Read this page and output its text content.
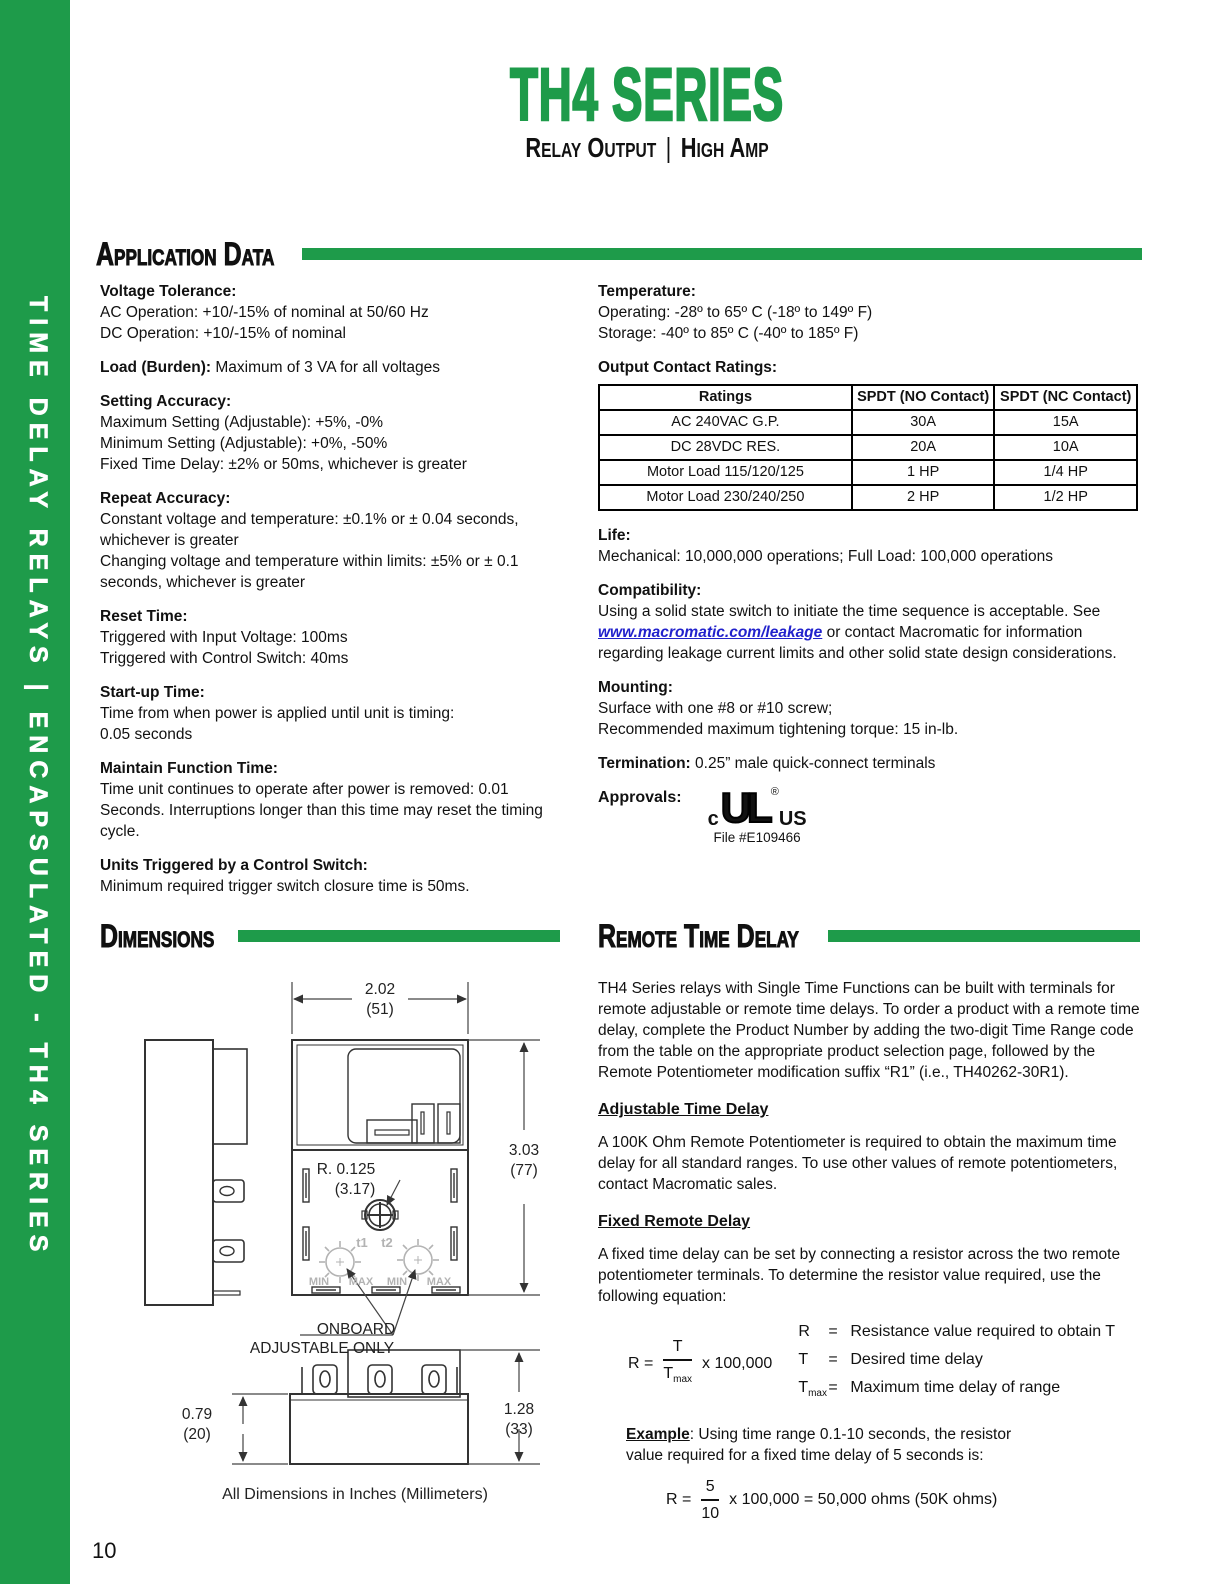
TIME DELAY RELAYS | ENCAPSULATED - TH4 SERIES
TH4 SERIES
Relay Output | High Amp
Application Data

Voltage Tolerance:

AC Operation: +10/-15% of nominal at 50/60 Hz

DC Operation: +10/-15% of nominal

Load (Burden): Maximum of 3 VA for all voltages

Setting Accuracy:

Maximum Setting (Adjustable): +5%, -0%

Minimum Setting (Adjustable): +0%, -50%

Fixed Time Delay: ±2% or 50ms, whichever is greater

Repeat Accuracy:

Constant voltage and temperature: ±0.1% or ± 0.04 seconds, whichever is greater

Changing voltage and temperature within limits: ±5% or ± 0.1 seconds, whichever is greater

Reset Time:

Triggered with Input Voltage: 100ms

Triggered with Control Switch: 40ms

Start-up Time:

Time from when power is applied until unit is timing:

0.05 seconds

Maintain Function Time:

Time unit continues to operate after power is removed: 0.01 Seconds. Interruptions longer than this time may reset the timing cycle.

Units Triggered by a Control Switch:

Minimum required trigger switch closure time is 50ms.

Temperature:

Operating: -28º to 65º C (-18º to 149º F)

Storage: -40º to 85º C (-40º to 185º F)

Output Contact Ratings:

Ratings	SPDT (NO Contact)	SPDT (NC Contact)
AC 240VAC G.P.	30A	15A
DC 28VDC RES.	20A	10A
Motor Load 115/120/125	1 HP	1/4 HP
Motor Load 230/240/250	2 HP	1/2 HP

Life:

Mechanical: 10,000,000 operations; Full Load: 100,000 operations

Compatibility:

Using a solid state switch to initiate the time sequence is acceptable. See www.macromatic.com/leakage or contact Macromatic for information regarding leakage current limits and other solid state design considerations.

Mounting:

Surface with one #8 or #10 screw;

Recommended maximum tightening torque: 15 in-lb.

Termination: 0.25” male quick-connect terminals

Approvals:
c UL ®
US
File #E109466
Dimensions	Remote Time Delay
2.02
(51)
3.03
(77)
R. 0.125
(3.17)
ONBOARD
ADJUSTABLE ONLY
1.28
(33)
0.79
(20)
All Dimensions in Inches (Millimeters)
t1 t2
MIN MAX MIN MAX

TH4 Series relays with Single Time Functions can be built with terminals for remote adjustable or remote time delays. To order a product with a remote time delay, complete the Product Number by adding the two-digit Time Range code from the table on the appropriate product selection page, followed by the Remote Potentiometer modification suffix “R1” (i.e., TH40262-30R1).

Adjustable Time Delay

A 100K Ohm Remote Potentiometer is required to obtain the maximum time delay for all standard ranges. To use other values of remote potentiometers, contact Macromatic sales.

Fixed Remote Delay

A fixed time delay can be set by connecting a resistor across the two remote potentiometer terminals. To determine the resistor value required, use the following equation:

$R = \frac{T}{T_{max}}$ x 100,000
R	= Resistance value required to obtain T
T	= Desired time delay
$T_{max}$ = Maximum time delay of range

Example: Using time range 0.1-10 seconds, the resistor

value required for a fixed time delay of 5 seconds is:

$R = \frac{5}{10}$ x 100,000 = 50,000 ohms (50K ohms)
10
